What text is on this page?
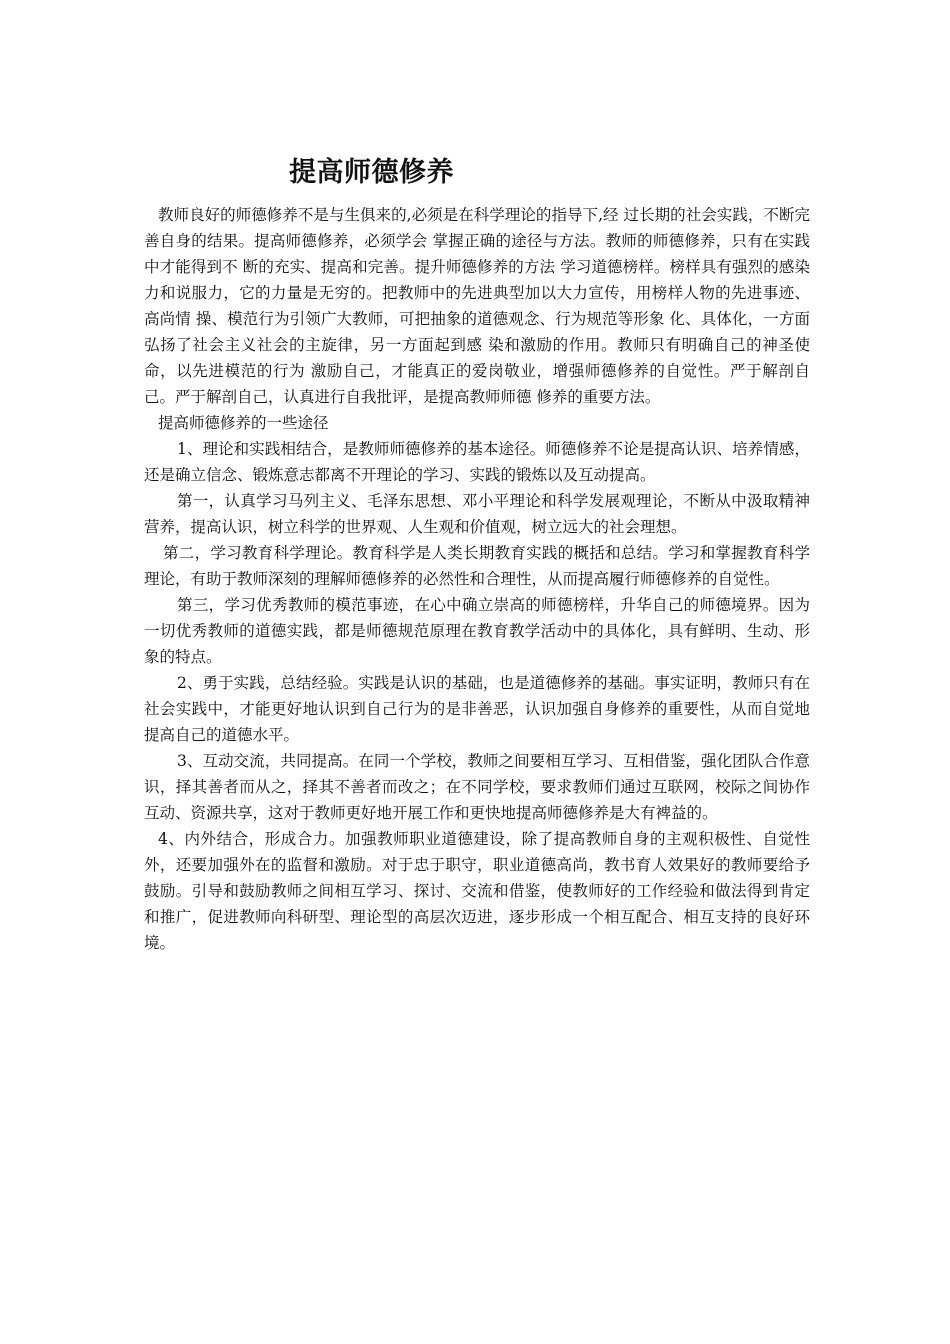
提高师德修养

教师良好的师德修养不是与生俱来的,必须是在科学理论的指导下,经 过长期的社会实践，不断完善自身的结果。提高师德修养，必须学会 掌握正确的途径与方法。教师的师德修养，只有在实践中才能得到不 断的充实、提高和完善。提升师德修养的方法 学习道德榜样。榜样具有强烈的感染力和说服力，它的力量是无穷的。把教师中的先进典型加以大力宣传，用榜样人物的先进事迹、高尚情 操、模范行为引领广大教师，可把抽象的道德观念、行为规范等形象 化、具体化，一方面弘扬了社会主义社会的主旋律，另一方面起到感 染和激励的作用。教师只有明确自己的神圣使命，以先进模范的行为 激励自己，才能真正的爱岗敬业，增强师德修养的自觉性。严于解剖自己。严于解剖自己，认真进行自我批评，是提高教师师德 修养的重要方法。

提高师德修养的一些途径

1、理论和实践相结合，是教师师德修养的基本途径。师德修养不论是提高认识、培养情感，还是确立信念、锻炼意志都离不开理论的学习、实践的锻炼以及互动提高。

第一，认真学习马列主义、毛泽东思想、邓小平理论和科学发展观理论，不断从中汲取精神营养，提高认识，树立科学的世界观、人生观和价值观，树立远大的社会理想。

第二，学习教育科学理论。教育科学是人类长期教育实践的概括和总结。学习和掌握教育科学理论，有助于教师深刻的理解师德修养的必然性和合理性，从而提高履行师德修养的自觉性。

第三，学习优秀教师的模范事迹，在心中确立崇高的师德榜样，升华自己的师德境界。因为一切优秀教师的道德实践，都是师德规范原理在教育教学活动中的具体化，具有鲜明、生动、形象的特点。

2、勇于实践，总结经验。实践是认识的基础，也是道德修养的基础。事实证明，教师只有在社会实践中，才能更好地认识到自己行为的是非善恶，认识加强自身修养的重要性，从而自觉地提高自己的道德水平。

3、互动交流，共同提高。在同一个学校，教师之间要相互学习、互相借鉴，强化团队合作意识，择其善者而从之，择其不善者而改之；在不同学校，要求教师们通过互联网，校际之间协作互动、资源共享，这对于教师更好地开展工作和更快地提高师德修养是大有裨益的。

4、内外结合，形成合力。加强教师职业道德建设，除了提高教师自身的主观积极性、自觉性外，还要加强外在的监督和激励。对于忠于职守，职业道德高尚，教书育人效果好的教师要给予鼓励。引导和鼓励教师之间相互学习、探讨、交流和借鉴，使教师好的工作经验和做法得到肯定和推广，促进教师向科研型、理论型的高层次迈进，逐步形成一个相互配合、相互支持的良好环境。
